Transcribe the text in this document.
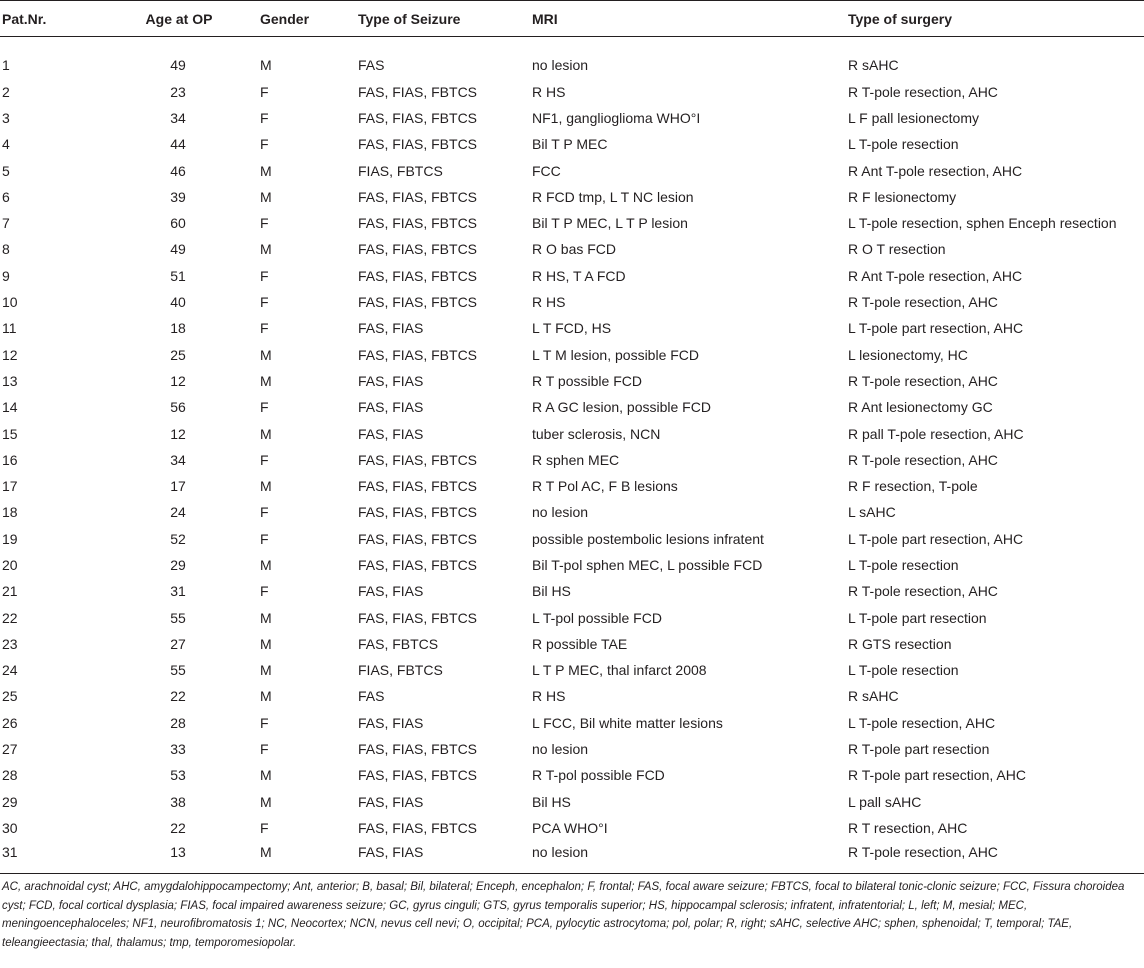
Pat.Nr.	Age at OP	Gender	Type of Seizure	MRI	Type of surgery
1	49	M	FAS	no lesion	R sAHC
2	23	F	FAS, FIAS, FBTCS	R HS	R T-pole resection, AHC
3	34	F	FAS, FIAS, FBTCS	NF1, ganglioglioma WHO°I	L F pall lesionectomy
4	44	F	FAS, FIAS, FBTCS	Bil T P MEC	L T-pole resection
5	46	M	FIAS, FBTCS	FCC	R Ant T-pole resection, AHC
6	39	M	FAS, FIAS, FBTCS	R FCD tmp, L T NC lesion	R F lesionectomy
7	60	F	FAS, FIAS, FBTCS	Bil T P MEC, L T P lesion	L T-pole resection, sphen Enceph resection
8	49	M	FAS, FIAS, FBTCS	R O bas FCD	R O T resection
9	51	F	FAS, FIAS, FBTCS	R HS, T A FCD	R Ant T-pole resection, AHC
10	40	F	FAS, FIAS, FBTCS	R HS	R T-pole resection, AHC
11	18	F	FAS, FIAS	L T FCD, HS	L T-pole part resection, AHC
12	25	M	FAS, FIAS, FBTCS	L T M lesion, possible FCD	L lesionectomy, HC
13	12	M	FAS, FIAS	R T possible FCD	R T-pole resection, AHC
14	56	F	FAS, FIAS	R A GC lesion, possible FCD	R Ant lesionectomy GC
15	12	M	FAS, FIAS	tuber sclerosis, NCN	R pall T-pole resection, AHC
16	34	F	FAS, FIAS, FBTCS	R sphen MEC	R T-pole resection, AHC
17	17	M	FAS, FIAS, FBTCS	R T Pol AC, F B lesions	R F resection, T-pole
18	24	F	FAS, FIAS, FBTCS	no lesion	L sAHC
19	52	F	FAS, FIAS, FBTCS	possible postembolic lesions infratent	L T-pole part resection, AHC
20	29	M	FAS, FIAS, FBTCS	Bil T-pol sphen MEC, L possible FCD	L T-pole resection
21	31	F	FAS, FIAS	Bil HS	R T-pole resection, AHC
22	55	M	FAS, FIAS, FBTCS	L T-pol possible FCD	L T-pole part resection
23	27	M	FAS, FBTCS	R possible TAE	R GTS resection
24	55	M	FIAS, FBTCS	L T P MEC, thal infarct 2008	L T-pole resection
25	22	M	FAS	R HS	R sAHC
26	28	F	FAS, FIAS	L FCC, Bil white matter lesions	L T-pole resection, AHC
27	33	F	FAS, FIAS, FBTCS	no lesion	R T-pole part resection
28	53	M	FAS, FIAS, FBTCS	R T-pol possible FCD	R T-pole part resection, AHC
29	38	M	FAS, FIAS	Bil HS	L pall sAHC
30	22	F	FAS, FIAS, FBTCS	PCA WHO°I	R T resection, AHC
31	13	M	FAS, FIAS	no lesion	R T-pole resection, AHC
AC, arachnoidal cyst; AHC, amygdalohippocampectomy; Ant, anterior; B, basal; Bil, bilateral; Enceph, encephalon; F, frontal; FAS, focal aware seizure; FBTCS, focal to bilateral tonic-clonic seizure; FCC, Fissura choroidea cyst; FCD, focal cortical dysplasia; FIAS, focal impaired awareness seizure; GC, gyrus cinguli; GTS, gyrus temporalis superior; HS, hippocampal sclerosis; infratent, infratentorial; L, left; M, mesial; MEC, meningoencephaloceles; NF1, neurofibromatosis 1; NC, Neocortex; NCN, nevus cell nevi; O, occipital; PCA, pylocytic astrocytoma; pol, polar; R, right; sAHC, selective AHC; sphen, sphenoidal; T, temporal; TAE, teleangieectasia; thal, thalamus; tmp, temporomesiopolar.
